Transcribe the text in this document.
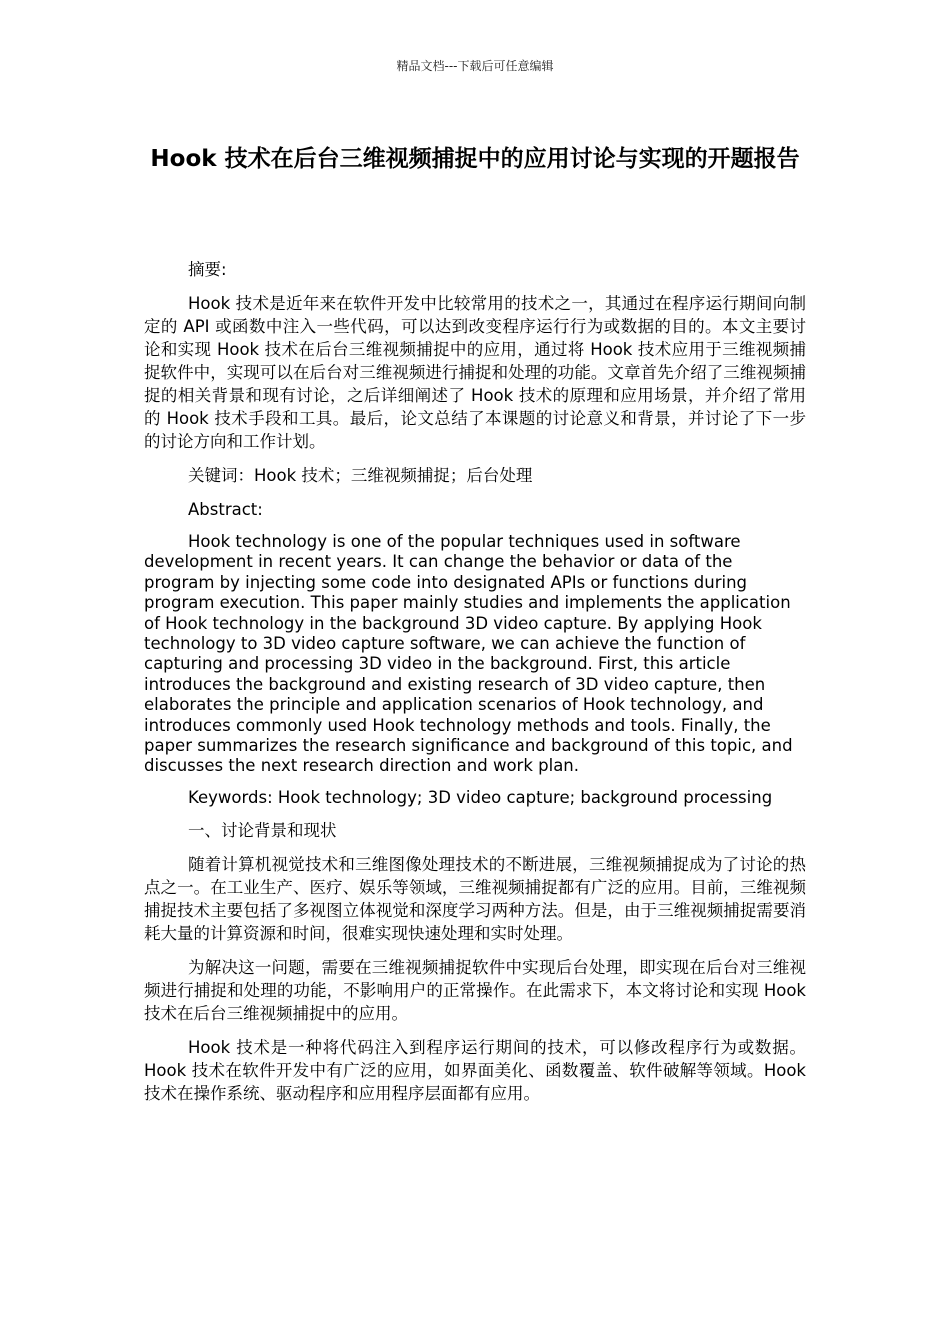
精品文档---下载后可任意编辑
Hook 技术在后台三维视频捕捉中的应用讨论与实现的开题报告

摘要:

Hook 技术是近年来在软件开发中比较常用的技术之一，其通过在程序运行期间向制定的 API 或函数中注入一些代码，可以达到改变程序运行行为或数据的目的。本文主要讨论和实现 Hook 技术在后台三维视频捕捉中的应用，通过将 Hook 技术应用于三维视频捕捉软件中，实现可以在后台对三维视频进行捕捉和处理的功能。文章首先介绍了三维视频捕捉的相关背景和现有讨论，之后详细阐述了 Hook 技术的原理和应用场景，并介绍了常用的 Hook 技术手段和工具。最后，论文总结了本课题的讨论意义和背景，并讨论了下一步的讨论方向和工作计划。

关键词：Hook 技术；三维视频捕捉；后台处理

Abstract:

Hook technology is one of the popular techniques used in software development in recent years. It can change the behavior or data of the program by injecting some code into designated APIs or functions during program execution. This paper mainly studies and implements the application of Hook technology in the background 3D video capture. By applying Hook technology to 3D video capture software, we can achieve the function of capturing and processing 3D video in the background. First, this article introduces the background and existing research of 3D video capture, then elaborates the principle and application scenarios of Hook technology, and introduces commonly used Hook technology methods and tools. Finally, the paper summarizes the research significance and background of this topic, and discusses the next research direction and work plan.

Keywords: Hook technology; 3D video capture; background processing

一、讨论背景和现状

随着计算机视觉技术和三维图像处理技术的不断进展，三维视频捕捉成为了讨论的热点之一。在工业生产、医疗、娱乐等领域，三维视频捕捉都有广泛的应用。目前，三维视频捕捉技术主要包括了多视图立体视觉和深度学习两种方法。但是，由于三维视频捕捉需要消耗大量的计算资源和时间，很难实现快速处理和实时处理。

为解决这一问题，需要在三维视频捕捉软件中实现后台处理，即实现在后台对三维视频进行捕捉和处理的功能，不影响用户的正常操作。在此需求下，本文将讨论和实现 Hook 技术在后台三维视频捕捉中的应用。

Hook 技术是一种将代码注入到程序运行期间的技术，可以修改程序行为或数据。Hook 技术在软件开发中有广泛的应用，如界面美化、函数覆盖、软件破解等领域。Hook 技术在操作系统、驱动程序和应用程序层面都有应用。
